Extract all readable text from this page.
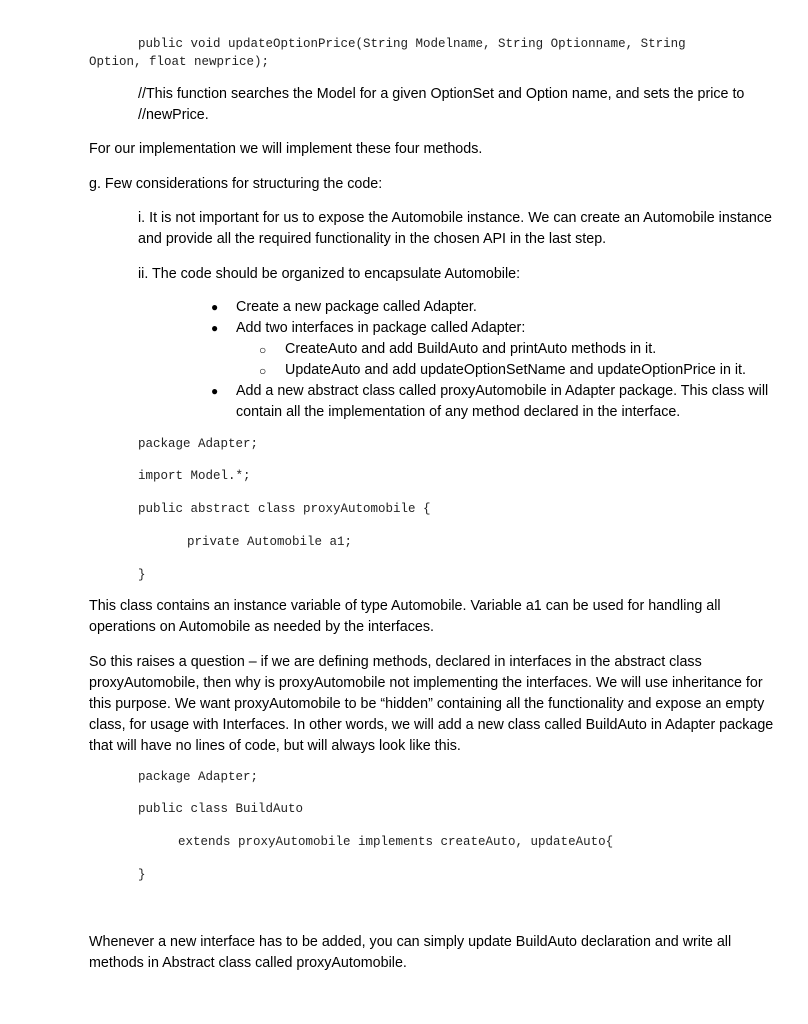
public void updateOptionPrice(String Modelname, String Optionname, String
Option, float newprice);

//This function searches the Model for a given OptionSet and Option name, and sets the price to //newPrice.

For our implementation we will implement these four methods.

g. Few considerations for structuring the code:

i. It is not important for us to expose the Automobile instance. We can create an Automobile instance and provide all the required functionality in the chosen API in the last step.

ii. The code should be organized to encapsulate Automobile:

● Create a new package called Adapter.
● Add two interfaces in package called Adapter:
○ CreateAuto and add BuildAuto and printAuto methods in it.
○ UpdateAuto and add updateOptionSetName and updateOptionPrice in it.
● Add a new abstract class called proxyAutomobile in Adapter package. This class will contain all the implementation of any method declared in the interface.
package Adapter;
import Model.*;
public abstract class proxyAutomobile {
private Automobile a1;
}

This class contains an instance variable of type Automobile. Variable a1 can be used for handling all operations on Automobile as needed by the interfaces.

So this raises a question – if we are defining methods, declared in interfaces in the abstract class proxyAutomobile, then why is proxyAutomobile not implementing the interfaces. We will use inheritance for this purpose. We want proxyAutomobile to be “hidden” containing all the functionality and expose an empty class, for usage with Interfaces. In other words, we will add a new class called BuildAuto in Adapter package that will have no lines of code, but will always look like this.

package Adapter;
public class BuildAuto
extends proxyAutomobile implements createAuto, updateAuto{
}

Whenever a new interface has to be added, you can simply update BuildAuto declaration and write all methods in Abstract class called proxyAutomobile.
